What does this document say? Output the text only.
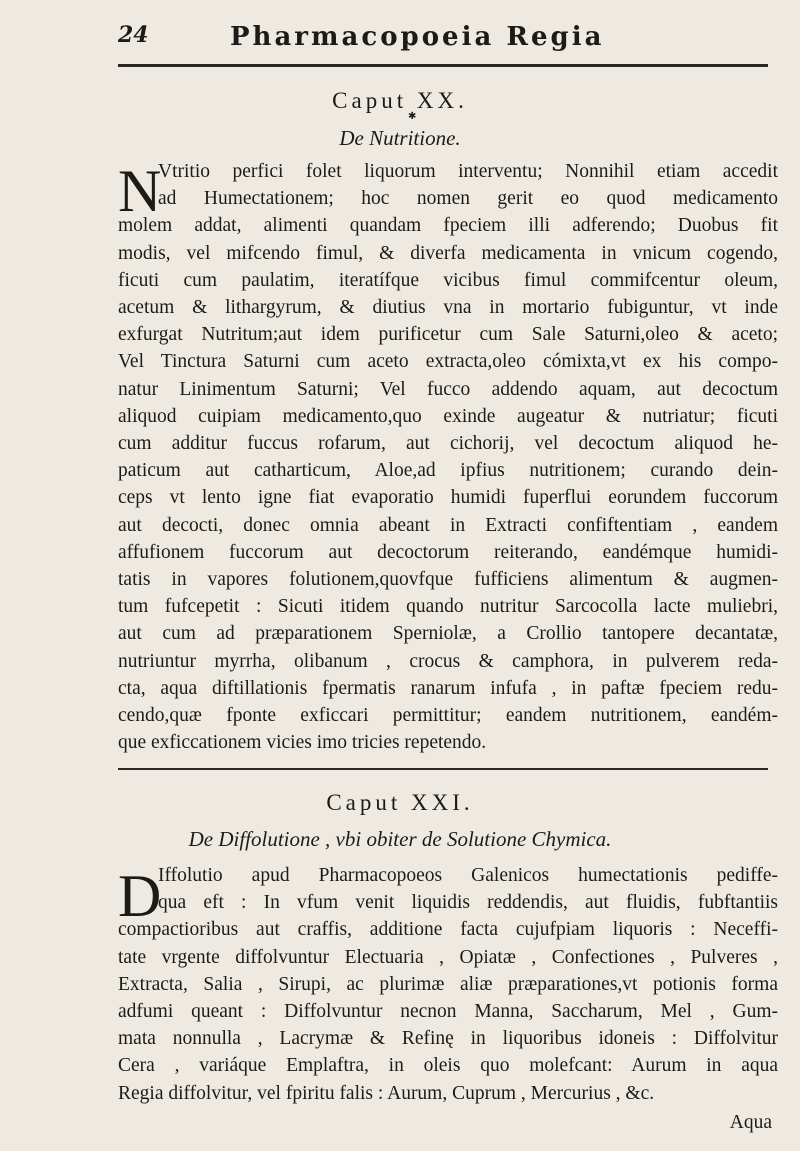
24	Pharmacopoeia Regia
Caput XX.
✱
De Nutritione.
N
Vtritio perfici folet liquorum interventu; Nonnihil etiam accedit
ad Humectationem; hoc nomen gerit eo quod medicamento
molem addat, alimenti quandam fpeciem illi adferendo; Duobus fit
modis, vel mifcendo fimul, & diverfa medicamenta in vnicum cogendo,
ficuti cum paulatim, iteratífque vicibus fimul commifcentur oleum,
acetum & lithargyrum, & diutius vna in mortario fubiguntur, vt inde
exfurgat Nutritum;aut idem purificetur cum Sale Saturni,oleo & aceto;
Vel Tinctura Saturni cum aceto extracta,oleo cómixta,vt ex his compo-
natur Linimentum Saturni; Vel fucco addendo aquam, aut decoctum
aliquod cuipiam medicamento,quo exinde augeatur & nutriatur; ficuti
cum additur fuccus rofarum, aut cichorij, vel decoctum aliquod he-
paticum aut catharticum, Aloe,ad ipfius nutritionem; curando dein-
ceps vt lento igne fiat evaporatio humidi fuperflui eorundem fuccorum
aut decocti, donec omnia abeant in Extracti confiftentiam , eandem
affufionem fuccorum aut decoctorum reiterando, eandémque humidi-
tatis in vapores folutionem,quovfque fufficiens alimentum & augmen-
tum fufcepetit : Sicuti itidem quando nutritur Sarcocolla lacte muliebri,
aut cum ad præparationem Sperniolæ, a Crollio tantopere decantatæ,
nutriuntur myrrha, olibanum , crocus & camphora, in pulverem reda-
cta, aqua diftillationis fpermatis ranarum infufa , in paftæ fpeciem redu-
cendo,quæ fponte exficcari permittitur; eandem nutritionem, eandém-
que exficcationem vicies imo tricies repetendo.
Caput XXI.
De Diffolutione , vbi obiter de Solutione Chymica.
D
Iffolutio apud Pharmacopoeos Galenicos humectationis pediffe-
qua eft : In vfum venit liquidis reddendis, aut fluidis, fubftantiis
compactioribus aut craffis, additione facta cujufpiam liquoris : Neceffi-
tate vrgente diffolvuntur Electuaria , Opiatæ , Confectiones , Pulveres ,
Extracta, Salia , Sirupi, ac plurimæ aliæ præparationes,vt potionis forma
adfumi queant : Diffolvuntur necnon Manna, Saccharum, Mel , Gum-
mata nonnulla , Lacrymæ & Refinę in liquoribus idoneis : Diffolvitur
Cera , variáque Emplaftra, in oleis quo molefcant: Aurum in aqua
Regia diffolvitur, vel fpiritu falis : Aurum, Cuprum , Mercurius , &c.
Aqua
